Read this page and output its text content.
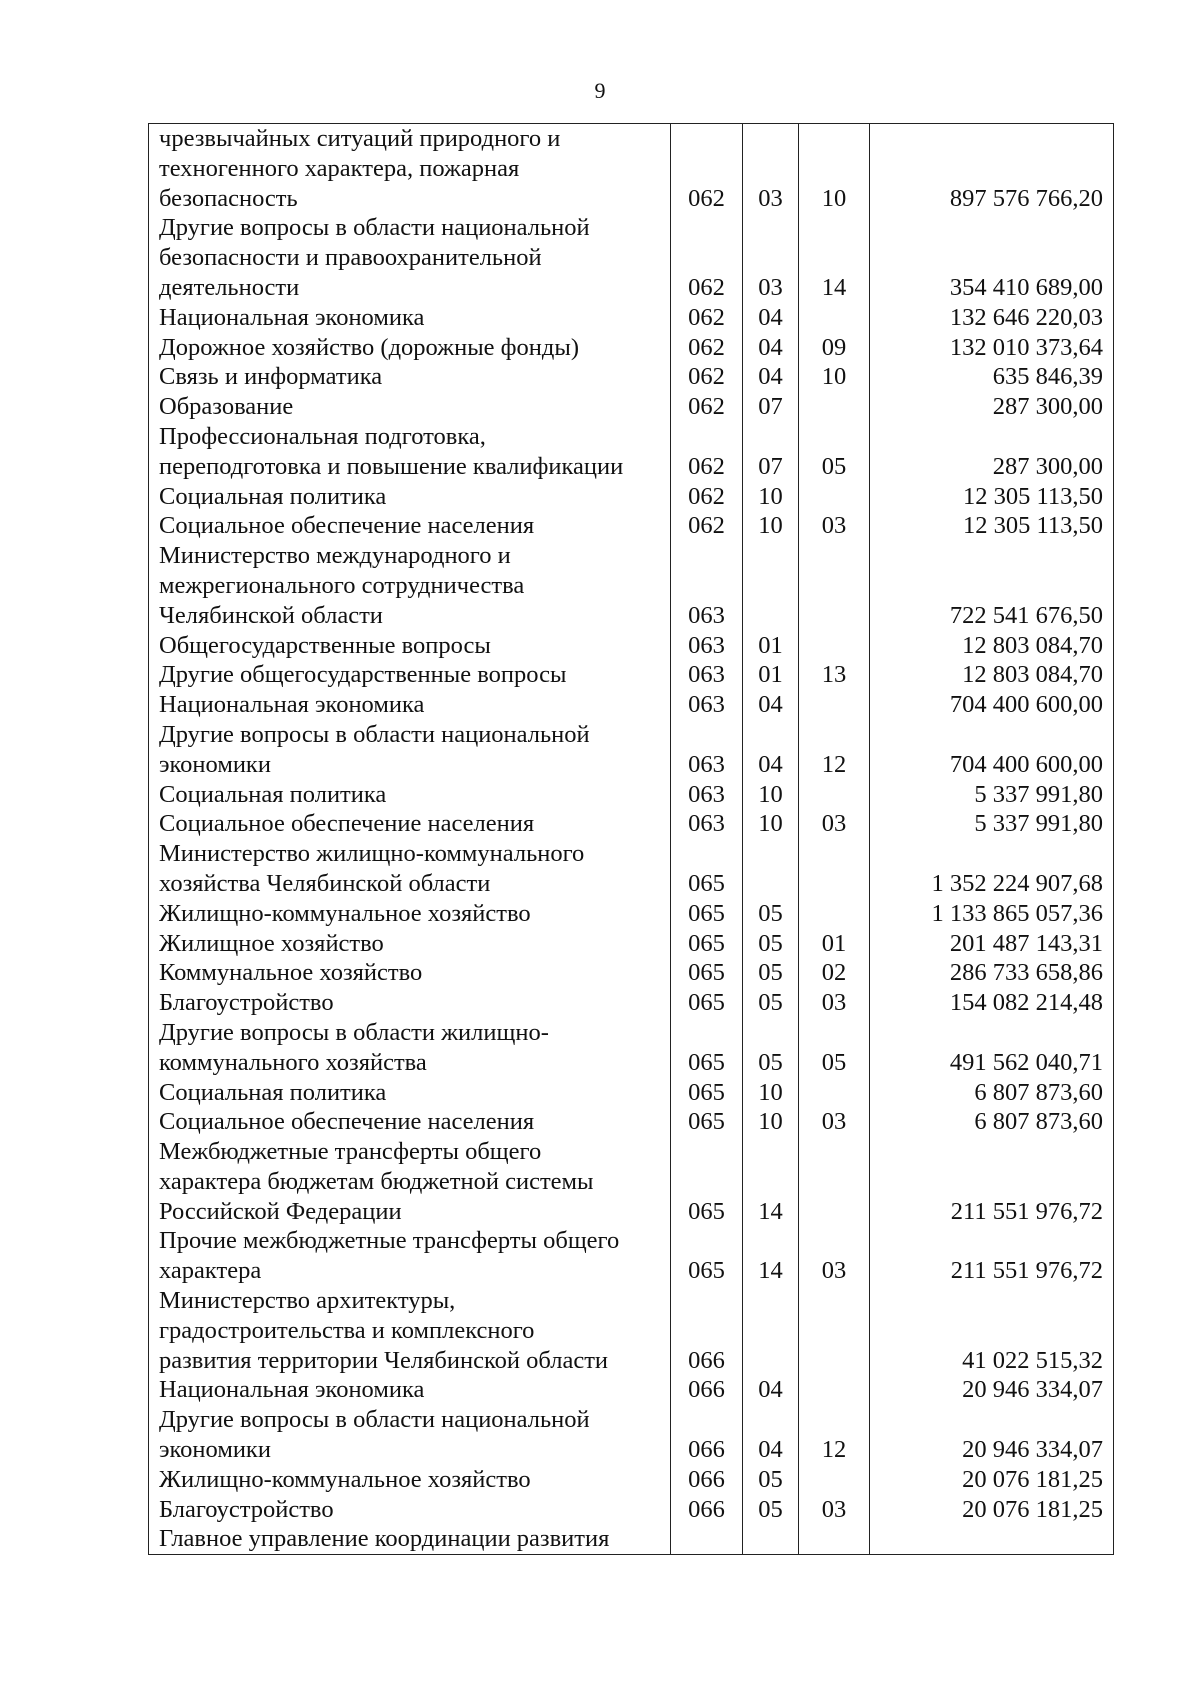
9
чрезвычайных ситуаций природного и
техногенного характера, пожарная
безопасность	062	03	10	897 576 766,20

Другие вопросы в области национальной
безопасности и правоохранительной
деятельности	062	03	14	354 410 689,00

Национальная экономика	062	04		132 646 220,03

Дорожное хозяйство (дорожные фонды)	062	04	09	132 010 373,64

Связь и информатика	062	04	10	635 846,39

Образование	062	07		287 300,00

Профессиональная подготовка,
переподготовка и повышение квалификации	062	07	05	287 300,00

Социальная политика	062	10		12 305 113,50

Социальное обеспечение населения	062	10	03	12 305 113,50

Министерство международного и
межрегионального сотрудничества
Челябинской области	063			722 541 676,50

Общегосударственные вопросы	063	01		12 803 084,70

Другие общегосударственные вопросы	063	01	13	12 803 084,70

Национальная экономика	063	04		704 400 600,00

Другие вопросы в области национальной
экономики	063	04	12	704 400 600,00

Социальная политика	063	10		5 337 991,80

Социальное обеспечение населения	063	10	03	5 337 991,80

Министерство жилищно-коммунального
хозяйства Челябинской области	065			1 352 224 907,68

Жилищно-коммунальное хозяйство	065	05		1 133 865 057,36

Жилищное хозяйство	065	05	01	201 487 143,31

Коммунальное хозяйство	065	05	02	286 733 658,86

Благоустройство	065	05	03	154 082 214,48

Другие вопросы в области жилищно-
коммунального хозяйства	065	05	05	491 562 040,71

Социальная политика	065	10		6 807 873,60

Социальное обеспечение населения	065	10	03	6 807 873,60

Межбюджетные трансферты общего
характера бюджетам бюджетной системы
Российской Федерации	065	14		211 551 976,72

Прочие межбюджетные трансферты общего
характера	065	14	03	211 551 976,72

Министерство архитектуры,
градостроительства и комплексного
развития территории Челябинской области	066			41 022 515,32

Национальная экономика	066	04		20 946 334,07

Другие вопросы в области национальной
экономики	066	04	12	20 946 334,07

Жилищно-коммунальное хозяйство	066	05		20 076 181,25

Благоустройство	066	05	03	20 076 181,25

Главное управление координации развития				
